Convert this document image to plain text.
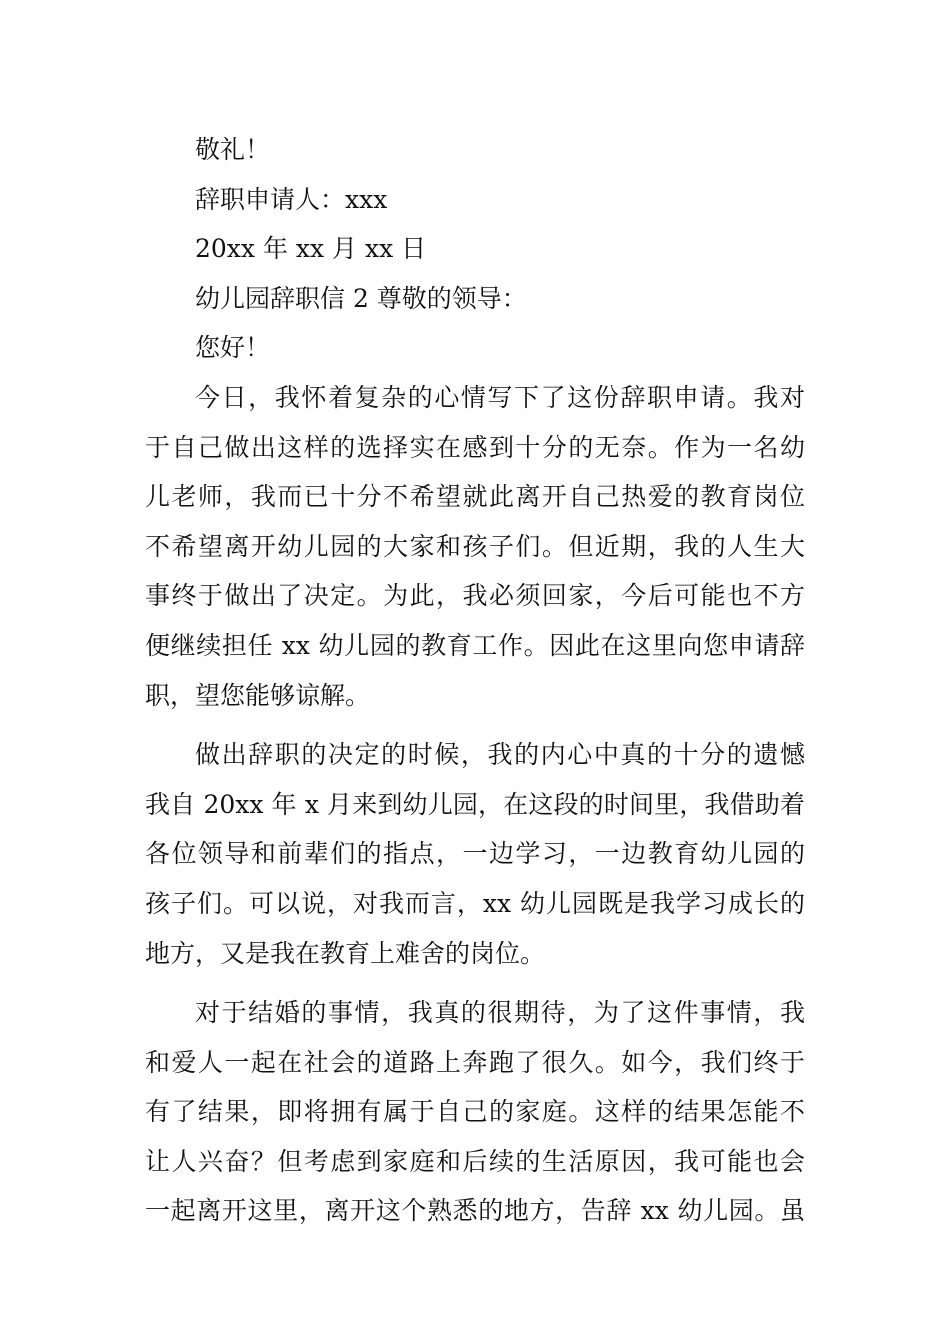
敬礼！
辞职申请人：xxx
20xx 年 xx 月 xx 日
幼儿园辞职信 2 尊敬的领导：
您好！
今日，我怀着复杂的心情写下了这份辞职申请。我对
于自己做出这样的选择实在感到十分的无奈。作为一名幼
儿老师，我而已十分不希望就此离开自己热爱的教育岗位
不希望离开幼儿园的大家和孩子们。但近期，我的人生大
事终于做出了决定。为此，我必须回家，今后可能也不方
便继续担任 xx 幼儿园的教育工作。因此在这里向您申请辞
职，望您能够谅解。
做出辞职的决定的时候，我的内心中真的十分的遗憾
我自 20xx 年 x 月来到幼儿园，在这段的时间里，我借助着
各位领导和前辈们的指点，一边学习，一边教育幼儿园的
孩子们。可以说，对我而言，xx 幼儿园既是我学习成长的
地方，又是我在教育上难舍的岗位。
对于结婚的事情，我真的很期待，为了这件事情，我
和爱人一起在社会的道路上奔跑了很久。如今，我们终于
有了结果，即将拥有属于自己的家庭。这样的结果怎能不
让人兴奋？但考虑到家庭和后续的生活原因，我可能也会
一起离开这里，离开这个熟悉的地方，告辞 xx 幼儿园。虽
